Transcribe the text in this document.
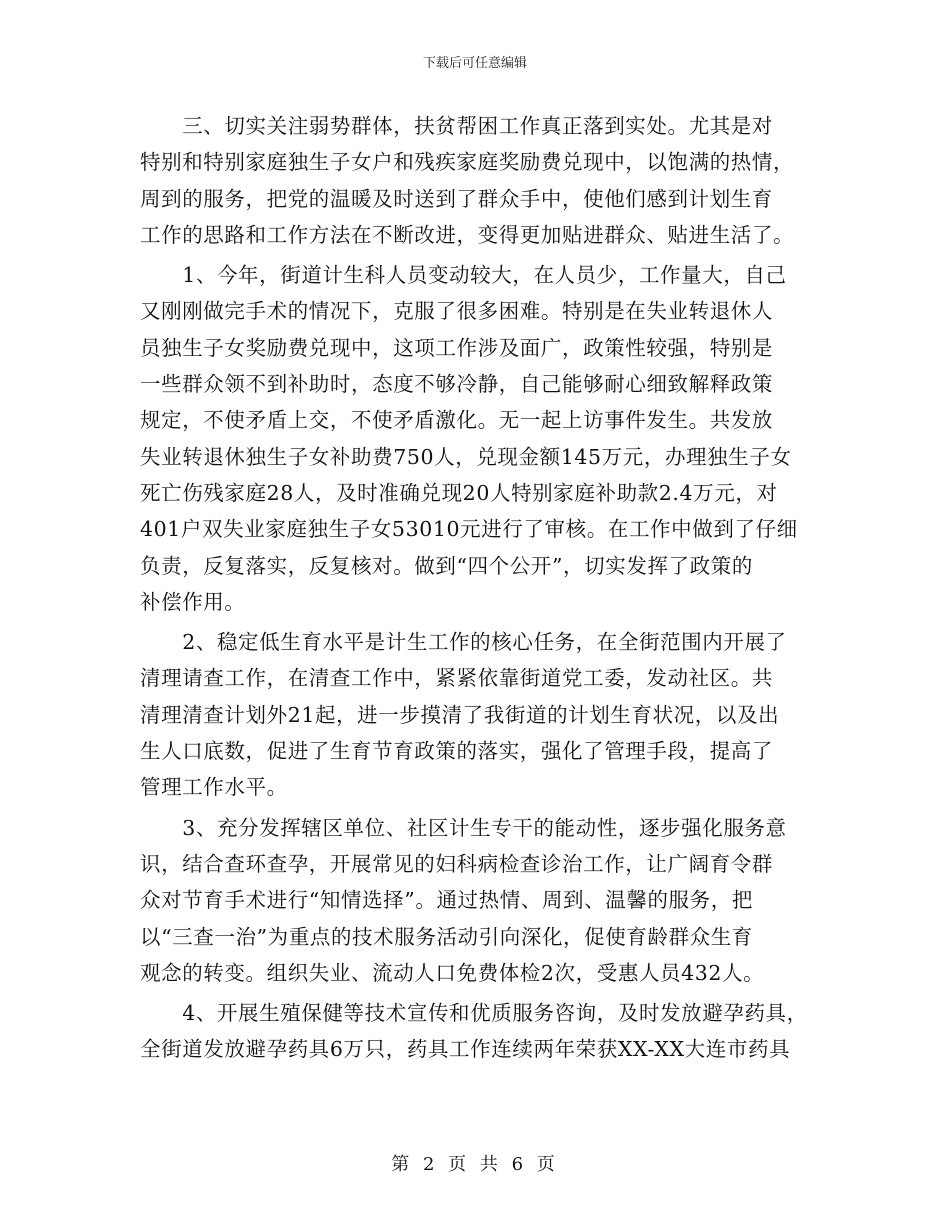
下载后可任意编辑
　　三、切实关注弱势群体，扶贫帮困工作真正落到实处。尤其是对
特别和特别家庭独生子女户和残疾家庭奖励费兑现中，以饱满的热情，
周到的服务，把党的温暖及时送到了群众手中，使他们感到计划生育
工作的思路和工作方法在不断改进，变得更加贴进群众、贴进生活了。
　　1、今年，街道计生科人员变动较大，在人员少，工作量大，自己
又刚刚做完手术的情况下，克服了很多困难。特别是在失业转退休人
员独生子女奖励费兑现中，这项工作涉及面广，政策性较强，特别是
一些群众领不到补助时，态度不够冷静，自己能够耐心细致解释政策
规定，不使矛盾上交，不使矛盾激化。无一起上访事件发生。共发放
失业转退休独生子女补助费750人，兑现金额145万元，办理独生子女
死亡伤残家庭28人，及时准确兑现20人特别家庭补助款2.4万元，对
401户双失业家庭独生子女53010元进行了审核。在工作中做到了仔细
负责，反复落实，反复核对。做到“四个公开”，切实发挥了政策的
补偿作用。
　　2、稳定低生育水平是计生工作的核心任务，在全街范围内开展了
清理请查工作，在清查工作中，紧紧依靠街道党工委，发动社区。共
清理清查计划外21起，进一步摸清了我街道的计划生育状况，以及出
生人口底数，促进了生育节育政策的落实，强化了管理手段，提高了
管理工作水平。
　　3、充分发挥辖区单位、社区计生专干的能动性，逐步强化服务意
识，结合查环查孕，开展常见的妇科病检查诊治工作，让广阔育令群
众对节育手术进行“知情选择”。通过热情、周到、温馨的服务，把
以“三查一治”为重点的技术服务活动引向深化，促使育龄群众生育
观念的转变。组织失业、流动人口免费体检2次，受惠人员432人。
　　4、开展生殖保健等技术宣传和优质服务咨询，及时发放避孕药具，
全街道发放避孕药具6万只，药具工作连续两年荣获XX-XX大连市药具
第 2 页 共 6 页
